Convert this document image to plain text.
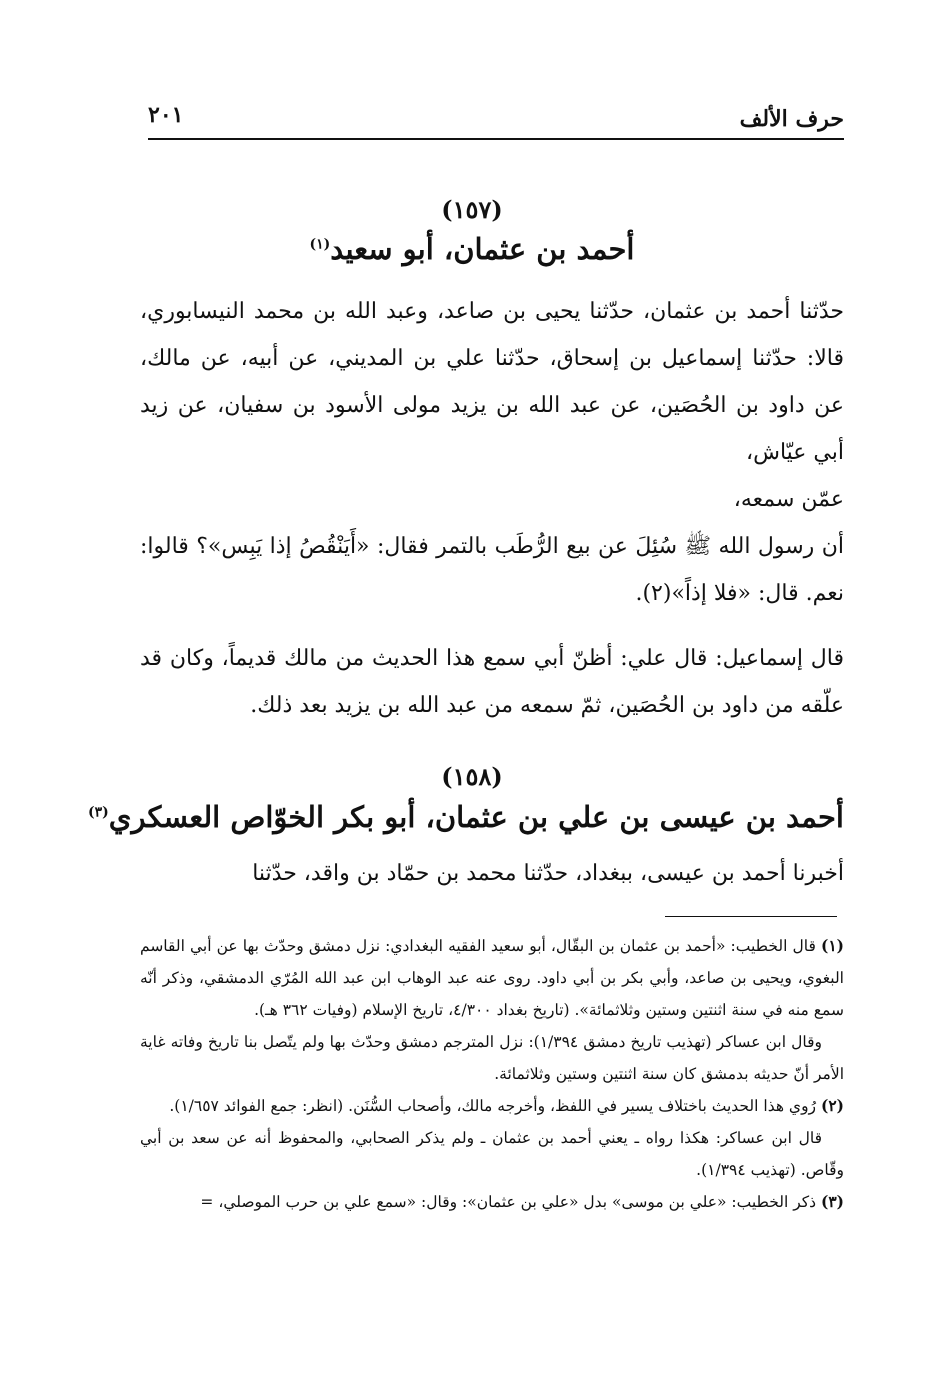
حرف الألف
٢٠١
(١٥٧)
أحمد بن عثمان، أبو سعيد$^{(١)}$

حدّثنا أحمد بن عثمان، حدّثنا يحيى بن صاعد، وعبد الله بن محمد النيسابوري، قالا: حدّثنا إسماعيل بن إسحاق، حدّثنا علي بن المديني، عن أبيه، عن مالك، عن داود بن الحُصَين، عن عبد الله بن يزيد مولى الأسود بن سفيان، عن زيد أبي عيّاش،

عمّن سمعه،

أن رسول الله ﷺ سُئِلَ عن بيع الرُّطَب بالتمر فقال: «أَيَنْقُصُ إذا يَبِس»؟ قالوا: نعم. قال: «فلا إذاً»(٢).

قال إسماعيل: قال علي: أظنّ أبي سمع هذا الحديث من مالك قديماً، وكان قد علّقه من داود بن الحُصَين، ثمّ سمعه من عبد الله بن يزيد بعد ذلك.

(١٥٨)
أحمد بن عيسى بن علي بن عثمان، أبو بكر الخوّاص العسكري$^{(٣)}$

أخبرنا أحمد بن عيسى، ببغداد، حدّثنا محمد بن حمّاد بن واقد، حدّثنا

(١) قال الخطيب: «أحمد بن عثمان بن البقّال، أبو سعيد الفقيه البغدادي: نزل دمشق وحدّث بها عن أبي القاسم البغوي، ويحيى بن صاعد، وأبي بكر بن أبي داود. روى عنه عبد الوهاب ابن عبد الله المُرّي الدمشقي، وذكر أنّه سمع منه في سنة اثنتين وستين وثلاثمائة». (تاريخ بغداد ٤/٣٠٠، تاريخ الإسلام (وفيات ٣٦٢ هـ).

وقال ابن عساكر (تهذيب تاريخ دمشق ١/٣٩٤): نزل المترجم دمشق وحدّث بها ولم يتّصل بنا تاريخ وفاته غاية الأمر أنّ حديثه بدمشق كان سنة اثنتين وستين وثلاثمائة.

(٢) رُوي هذا الحديث باختلاف يسير في اللفظ، وأخرجه مالك، وأصحاب السُّنَن. (انظر: جمع الفوائد ١/٦٥٧).

قال ابن عساكر: هكذا رواه ـ يعني أحمد بن عثمان ـ ولم يذكر الصحابي، والمحفوظ أنه عن سعد بن أبي وقّاص. (تهذيب ١/٣٩٤).

(٣) ذكر الخطيب: «علي بن موسى» بدل «علي بن عثمان»: وقال: «سمع علي بن حرب الموصلي، =
